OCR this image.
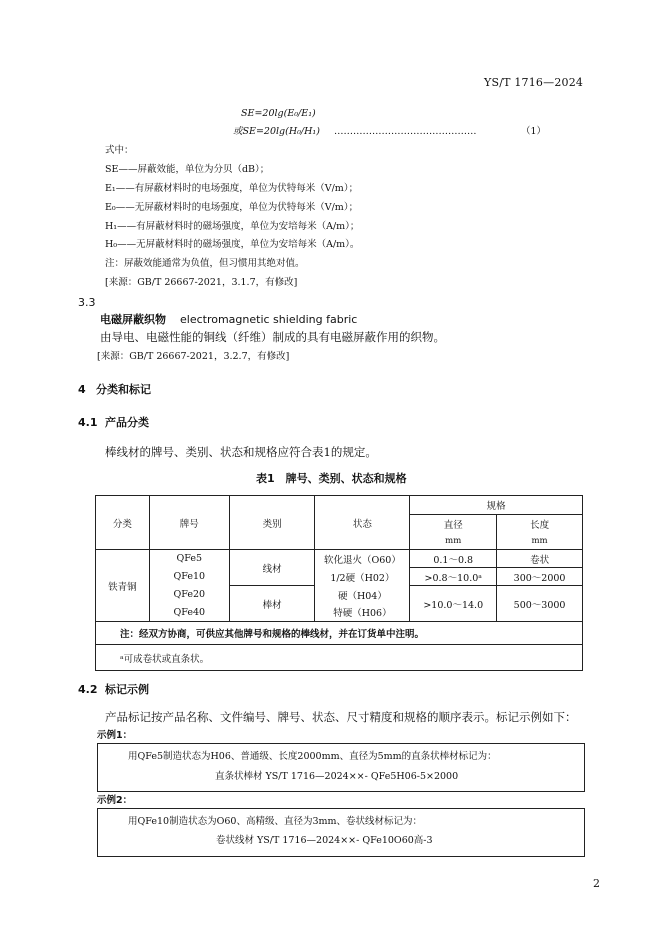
YS/T 1716—2024
SE=20lg(E₀/E₁)
或SE=20lg(H₀/H₁) ………………………………………	（1）
式中：
SE——屏蔽效能，单位为分贝（dB）；
E₁——有屏蔽材料时的电场强度，单位为伏特每米（V/m）；
E₀——无屏蔽材料时的电场强度，单位为伏特每米（V/m）；
H₁——有屏蔽材料时的磁场强度，单位为安培每米（A/m）；
H₀——无屏蔽材料时的磁场强度，单位为安培每米（A/m）。
注：屏蔽效能通常为负值，但习惯用其绝对值。
[来源：GB/T 26667-2021，3.1.7，有修改]
3.3
电磁屏蔽织物 electromagnetic shielding fabric
由导电、电磁性能的铜线（纤维）制成的具有电磁屏蔽作用的织物。
[来源：GB/T 26667-2021，3.2.7，有修改]
4 分类和标记
4.1 产品分类
棒线材的牌号、类别、状态和规格应符合表1的规定。
表1　牌号、类别、状态和规格
分类	牌号	类别	状态	规格	
				直径	长度
				mm	mm
铁青铜	QFe5	线材	软化退火（O60）	0.1～0.8	卷状
	QFe10		1/2硬（H02）	>0.8～10.0ᵃ	300～2000
	QFe20	棒材	硬（H04）	>10.0～14.0	500～3000
	QFe40		特硬（H06）		
注：经双方协商，可供应其他牌号和规格的棒线材，并在订货单中注明。					
ᵃ可成卷状或直条状。					
4.2 标记示例
产品标记按产品名称、文件编号、牌号、状态、尺寸精度和规格的顺序表示。标记示例如下：
示例1：
用QFe5制造状态为H06、普通级、长度2000mm、直径为5mm的直条状棒材标记为：
直条状棒材 YS/T 1716—2024××- QFe5H06-5×2000
示例2：
用QFe10制造状态为O60、高精级、直径为3mm、卷状线材标记为：
卷状线材 YS/T 1716—2024××- QFe10O60高-3
2
